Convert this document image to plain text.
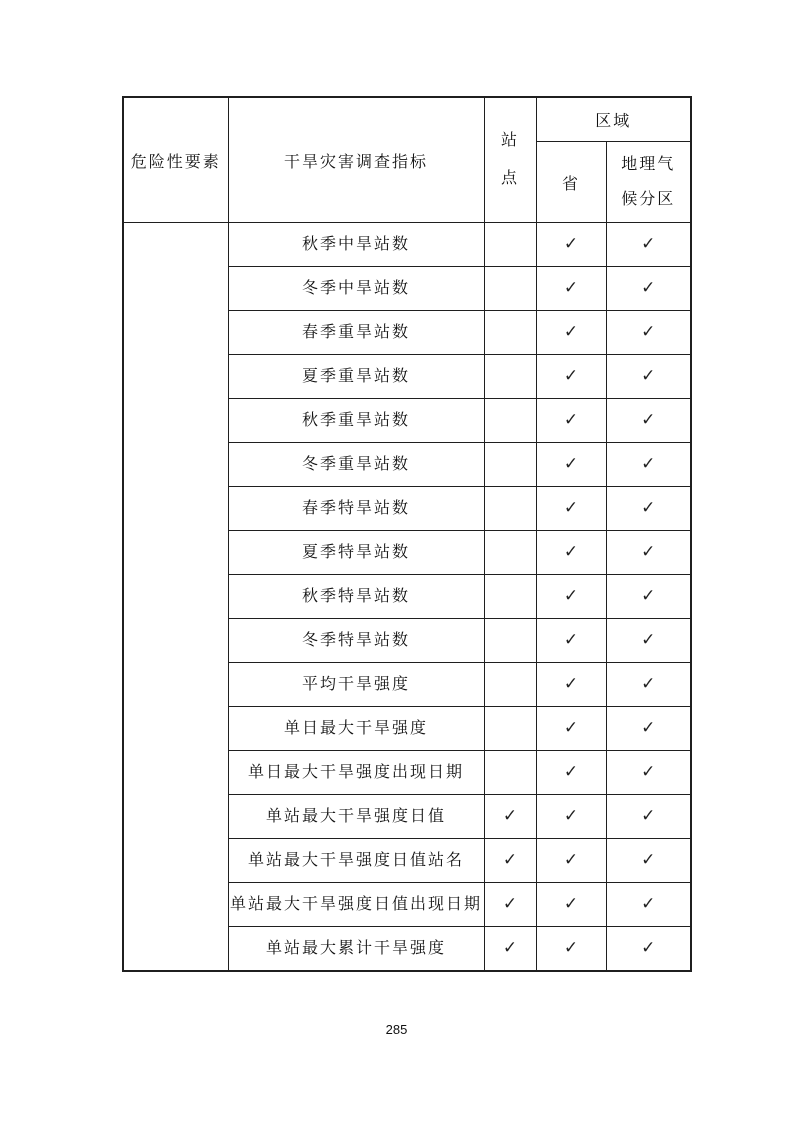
危险性要素	干旱灾害调查指标	站点	区域	
			省	地理气候分区
	秋季中旱站数		✓	✓
	冬季中旱站数		✓	✓
	春季重旱站数		✓	✓
	夏季重旱站数		✓	✓
	秋季重旱站数		✓	✓
	冬季重旱站数		✓	✓
	春季特旱站数		✓	✓
	夏季特旱站数		✓	✓
	秋季特旱站数		✓	✓
	冬季特旱站数		✓	✓
	平均干旱强度		✓	✓
	单日最大干旱强度		✓	✓
	单日最大干旱强度出现日期		✓	✓
	单站最大干旱强度日值	✓	✓	✓
	单站最大干旱强度日值站名	✓	✓	✓
	单站最大干旱强度日值出现日期	✓	✓	✓
	单站最大累计干旱强度	✓	✓	✓
285
